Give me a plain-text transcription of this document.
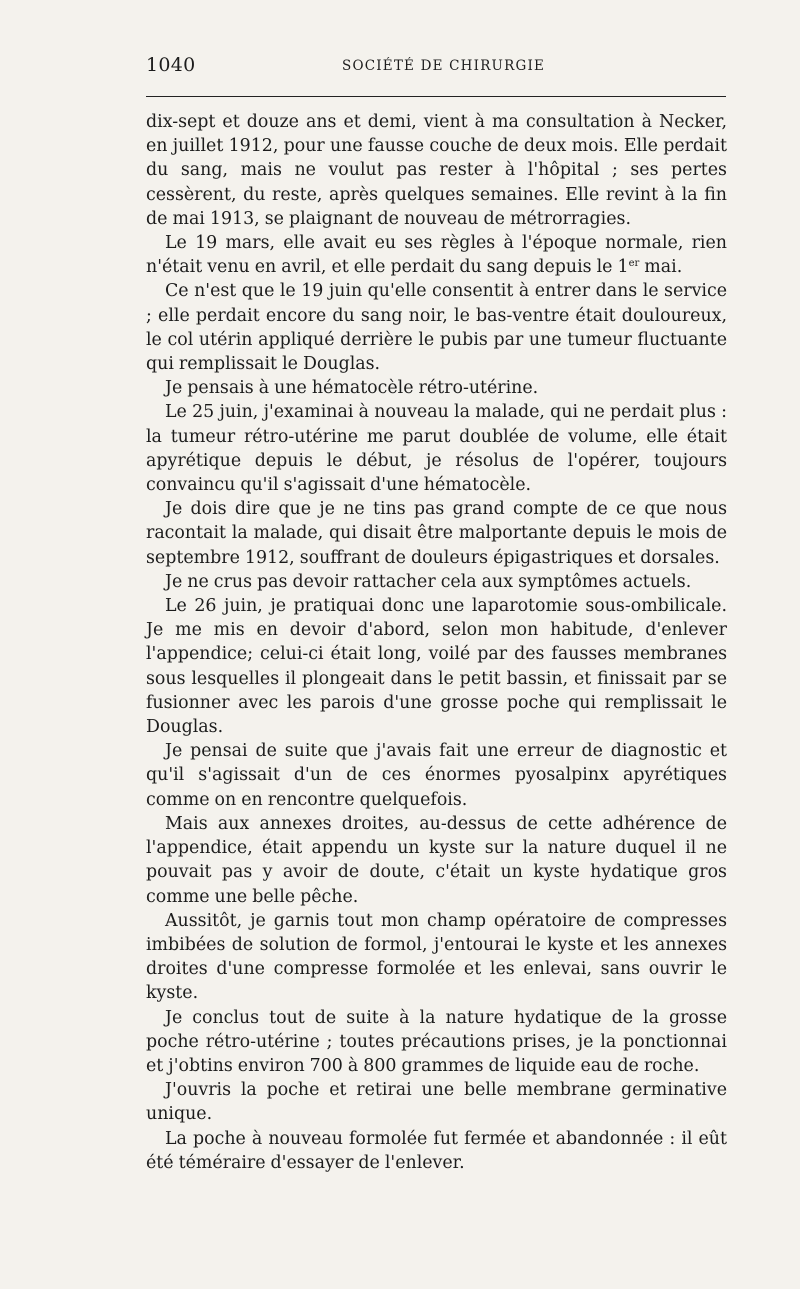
1040	SOCIÉTÉ DE CHIRURGIE

dix-sept et douze ans et demi, vient à ma consultation à Necker, en juillet 1912, pour une fausse couche de deux mois. Elle perdait du sang, mais ne voulut pas rester à l'hôpital ; ses pertes cessèrent, du reste, après quelques semaines. Elle revint à la fin de mai 1913, se plaignant de nouveau de métrorragies.

Le 19 mars, elle avait eu ses règles à l'époque normale, rien n'était venu en avril, et elle perdait du sang depuis le 1er mai.

Ce n'est que le 19 juin qu'elle consentit à entrer dans le service ; elle perdait encore du sang noir, le bas-ventre était douloureux, le col utérin appliqué derrière le pubis par une tumeur fluctuante qui remplissait le Douglas.

Je pensais à une hématocèle rétro-utérine.

Le 25 juin, j'examinai à nouveau la malade, qui ne perdait plus : la tumeur rétro-utérine me parut doublée de volume, elle était apyrétique depuis le début, je résolus de l'opérer, toujours convaincu qu'il s'agissait d'une hématocèle.

Je dois dire que je ne tins pas grand compte de ce que nous racontait la malade, qui disait être malportante depuis le mois de septembre 1912, souffrant de douleurs épigastriques et dorsales.

Je ne crus pas devoir rattacher cela aux symptômes actuels.

Le 26 juin, je pratiquai donc une laparotomie sous-ombilicale. Je me mis en devoir d'abord, selon mon habitude, d'enlever l'appendice; celui-ci était long, voilé par des fausses membranes sous lesquelles il plongeait dans le petit bassin, et finissait par se fusionner avec les parois d'une grosse poche qui remplissait le Douglas.

Je pensai de suite que j'avais fait une erreur de diagnostic et qu'il s'agissait d'un de ces énormes pyosalpinx apyrétiques comme on en rencontre quelquefois.

Mais aux annexes droites, au-dessus de cette adhérence de l'appendice, était appendu un kyste sur la nature duquel il ne pouvait pas y avoir de doute, c'était un kyste hydatique gros comme une belle pêche.

Aussitôt, je garnis tout mon champ opératoire de compresses imbibées de solution de formol, j'entourai le kyste et les annexes droites d'une compresse formolée et les enlevai, sans ouvrir le kyste.

Je conclus tout de suite à la nature hydatique de la grosse poche rétro-utérine ; toutes précautions prises, je la ponctionnai et j'obtins environ 700 à 800 grammes de liquide eau de roche.

J'ouvris la poche et retirai une belle membrane germinative unique.

La poche à nouveau formolée fut fermée et abandonnée : il eût été téméraire d'essayer de l'enlever.
